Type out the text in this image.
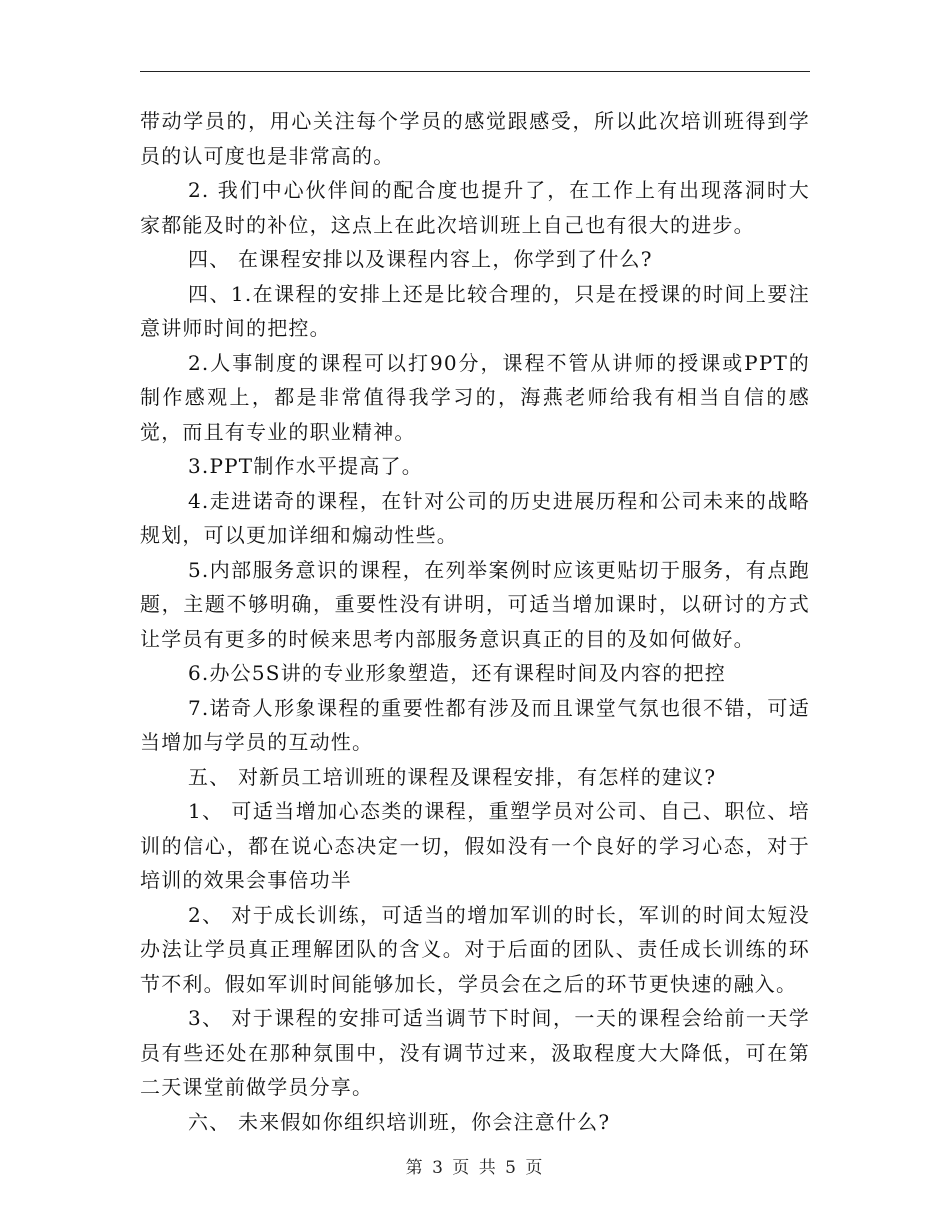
带动学员的，用心关注每个学员的感觉跟感受，所以此次培训班得到学员的认可度也是非常高的。

2. 我们中心伙伴间的配合度也提升了，在工作上有出现落洞时大家都能及时的补位，这点上在此次培训班上自己也有很大的进步。

四、 在课程安排以及课程内容上，你学到了什么?

四、1.在课程的安排上还是比较合理的，只是在授课的时间上要注意讲师时间的把控。

2.人事制度的课程可以打90分，课程不管从讲师的授课或PPT的制作感观上，都是非常值得我学习的，海燕老师给我有相当自信的感觉，而且有专业的职业精神。

3.PPT制作水平提高了。

4.走进诺奇的课程，在针对公司的历史进展历程和公司未来的战略规划，可以更加详细和煽动性些。

5.内部服务意识的课程，在列举案例时应该更贴切于服务，有点跑题，主题不够明确，重要性没有讲明，可适当增加课时，以研讨的方式让学员有更多的时候来思考内部服务意识真正的目的及如何做好。

6.办公5S讲的专业形象塑造，还有课程时间及内容的把控

7.诺奇人形象课程的重要性都有涉及而且课堂气氛也很不错，可适当增加与学员的互动性。

五、 对新员工培训班的课程及课程安排，有怎样的建议?

1、 可适当增加心态类的课程，重塑学员对公司、自己、职位、培训的信心，都在说心态决定一切，假如没有一个良好的学习心态，对于培训的效果会事倍功半

2、 对于成长训练，可适当的增加军训的时长，军训的时间太短没办法让学员真正理解团队的含义。对于后面的团队、责任成长训练的环节不利。假如军训时间能够加长，学员会在之后的环节更快速的融入。

3、 对于课程的安排可适当调节下时间，一天的课程会给前一天学员有些还处在那种氛围中，没有调节过来，汲取程度大大降低，可在第二天课堂前做学员分享。

六、 未来假如你组织培训班，你会注意什么?

第 3 页 共 5 页
